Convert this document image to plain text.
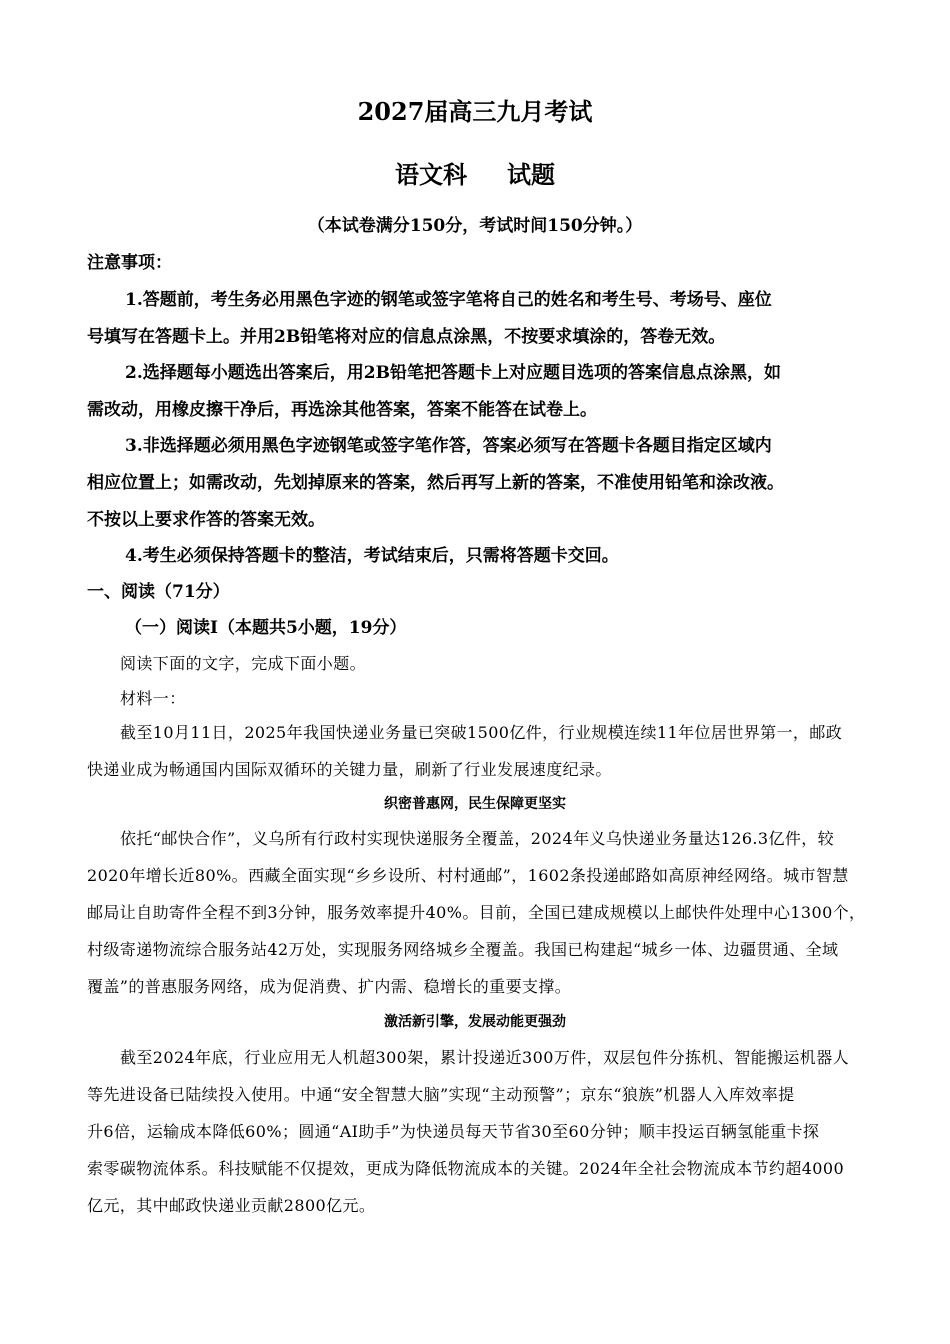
2027届高三九月考试
语文科 试题
（本试卷满分150分，考试时间150分钟。）
注意事项：
1.答题前，考生务必用黑色字迹的钢笔或签字笔将自己的姓名和考生号、考场号、座位
号填写在答题卡上。并用2B铅笔将对应的信息点涂黑，不按要求填涂的，答卷无效。
2.选择题每小题选出答案后，用2B铅笔把答题卡上对应题目选项的答案信息点涂黑，如
需改动，用橡皮擦干净后，再选涂其他答案，答案不能答在试卷上。
3.非选择题必须用黑色字迹钢笔或签字笔作答，答案必须写在答题卡各题目指定区域内
相应位置上；如需改动，先划掉原来的答案，然后再写上新的答案，不准使用铅笔和涂改液。
不按以上要求作答的答案无效。
4.考生必须保持答题卡的整洁，考试结束后，只需将答题卡交回。
一、阅读（71分）
（一）阅读Ⅰ（本题共5小题，19分）
阅读下面的文字，完成下面小题。
材料一：
截至10月11日，2025年我国快递业务量已突破1500亿件，行业规模连续11年位居世界第一，邮政
快递业成为畅通国内国际双循环的关键力量，刷新了行业发展速度纪录。
织密普惠网，民生保障更坚实
依托“邮快合作”，义乌所有行政村实现快递服务全覆盖，2024年义乌快递业务量达126.3亿件，较
2020年增长近80%。西藏全面实现“乡乡设所、村村通邮”，1602条投递邮路如高原神经网络。城市智慧
邮局让自助寄件全程不到3分钟，服务效率提升40%。目前，全国已建成规模以上邮快件处理中心1300个，
村级寄递物流综合服务站42万处，实现服务网络城乡全覆盖。我国已构建起“城乡一体、边疆贯通、全域
覆盖”的普惠服务网络，成为促消费、扩内需、稳增长的重要支撑。
激活新引擎，发展动能更强劲
截至2024年底，行业应用无人机超300架，累计投递近300万件，双层包件分拣机、智能搬运机器人
等先进设备已陆续投入使用。中通“安全智慧大脑”实现“主动预警”；京东“狼族”机器人入库效率提
升6倍，运输成本降低60%；圆通“AI助手”为快递员每天节省30至60分钟；顺丰投运百辆氢能重卡探
索零碳物流体系。科技赋能不仅提效，更成为降低物流成本的关键。2024年全社会物流成本节约超4000
亿元，其中邮政快递业贡献2800亿元。
